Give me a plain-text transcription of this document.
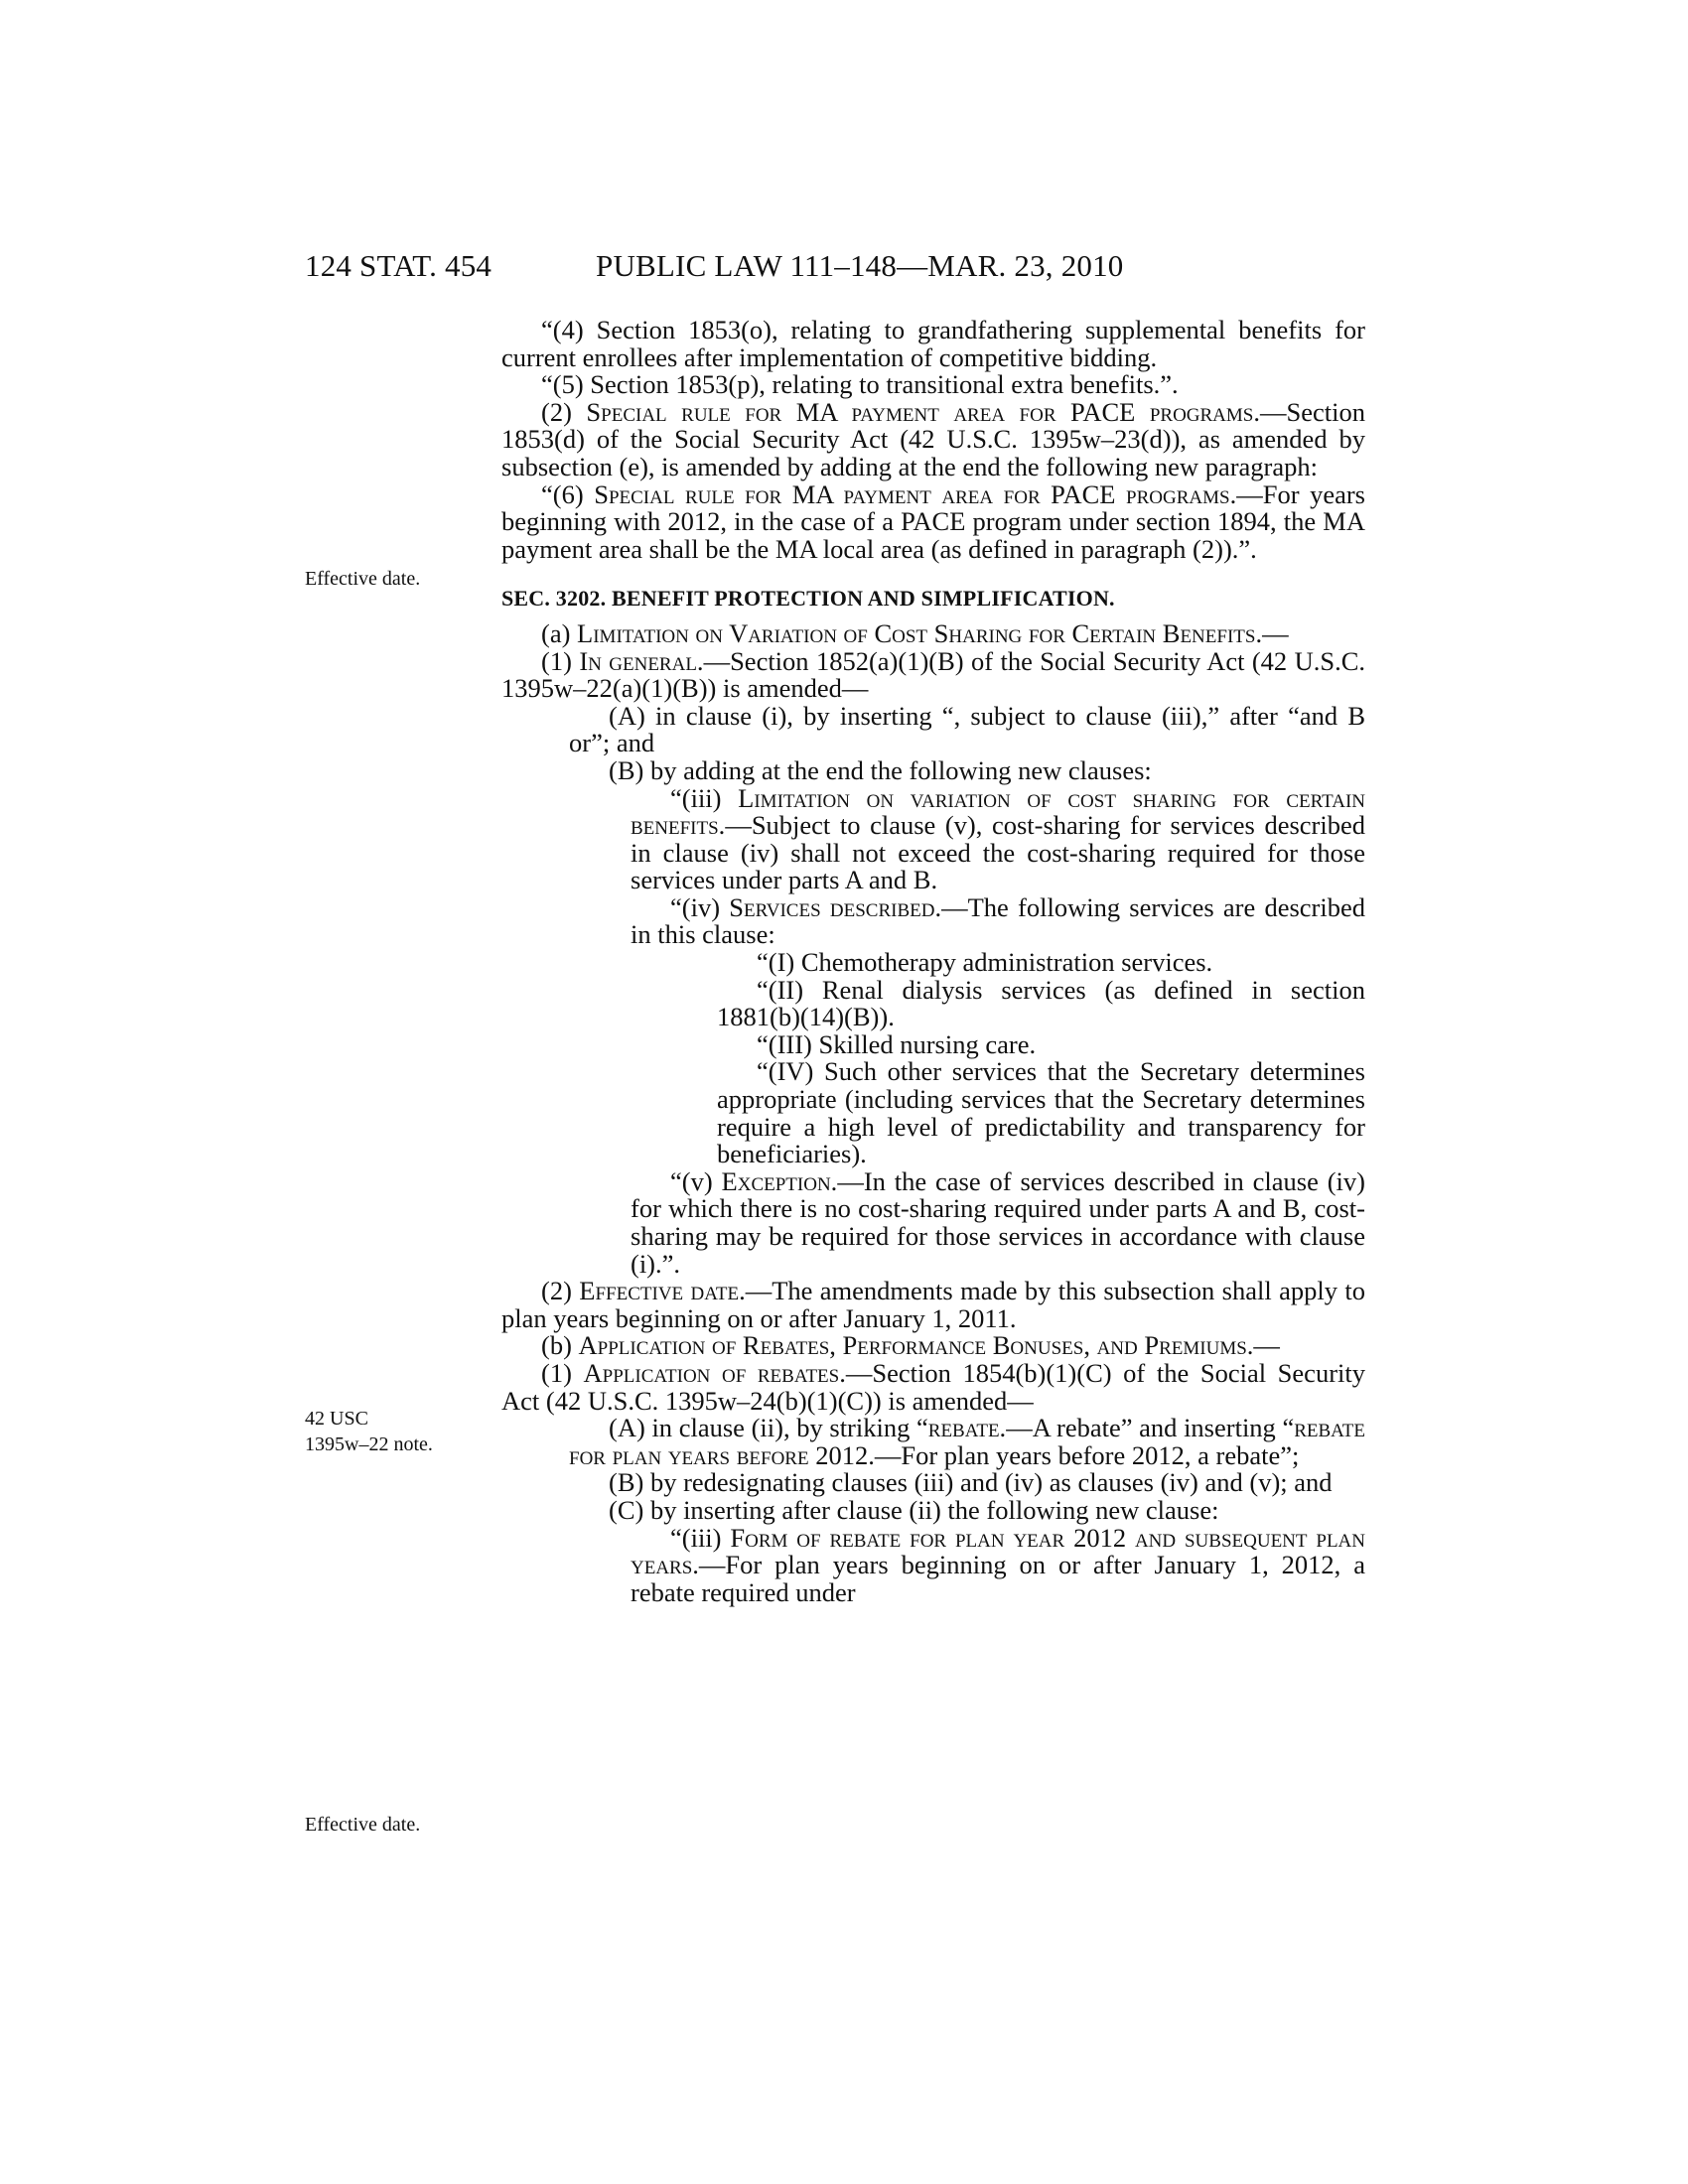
124 STAT. 454	PUBLIC LAW 111–148—MAR. 23, 2010
Effective date.
42 USC
1395w–22 note.
Effective date.

“(4) Section 1853(o), relating to grandfathering supplemental benefits for current enrollees after implementation of competitive bidding.

“(5) Section 1853(p), relating to transitional extra benefits.”.

(2) Special rule for MA payment area for PACE programs.—Section 1853(d) of the Social Security Act (42 U.S.C. 1395w–23(d)), as amended by subsection (e), is amended by adding at the end the following new paragraph:

“(6) Special rule for MA payment area for PACE programs.—For years beginning with 2012, in the case of a PACE program under section 1894, the MA payment area shall be the MA local area (as defined in paragraph (2)).”.

SEC. 3202. BENEFIT PROTECTION AND SIMPLIFICATION.

(a) Limitation on Variation of Cost Sharing for Certain Benefits.—

(1) In general.—Section 1852(a)(1)(B) of the Social Security Act (42 U.S.C. 1395w–22(a)(1)(B)) is amended—

(A) in clause (i), by inserting “, subject to clause (iii),” after “and B or”; and

(B) by adding at the end the following new clauses:

“(iii) Limitation on variation of cost sharing for certain benefits.—Subject to clause (v), cost-sharing for services described in clause (iv) shall not exceed the cost-sharing required for those services under parts A and B.

“(iv) Services described.—The following services are described in this clause:

“(I) Chemotherapy administration services.

“(II) Renal dialysis services (as defined in section 1881(b)(14)(B)).

“(III) Skilled nursing care.

“(IV) Such other services that the Secretary determines appropriate (including services that the Secretary determines require a high level of predictability and transparency for beneficiaries).

“(v) Exception.—In the case of services described in clause (iv) for which there is no cost-sharing required under parts A and B, cost-sharing may be required for those services in accordance with clause (i).”.

(2) Effective date.—The amendments made by this subsection shall apply to plan years beginning on or after January 1, 2011.

(b) Application of Rebates, Performance Bonuses, and Premiums.—

(1) Application of rebates.—Section 1854(b)(1)(C) of the Social Security Act (42 U.S.C. 1395w–24(b)(1)(C)) is amended—

(A) in clause (ii), by striking “rebate.—A rebate” and inserting “rebate for plan years before 2012.—For plan years before 2012, a rebate”;

(B) by redesignating clauses (iii) and (iv) as clauses (iv) and (v); and

(C) by inserting after clause (ii) the following new clause:

“(iii) Form of rebate for plan year 2012 and subsequent plan years.—For plan years beginning on or after January 1, 2012, a rebate required under
